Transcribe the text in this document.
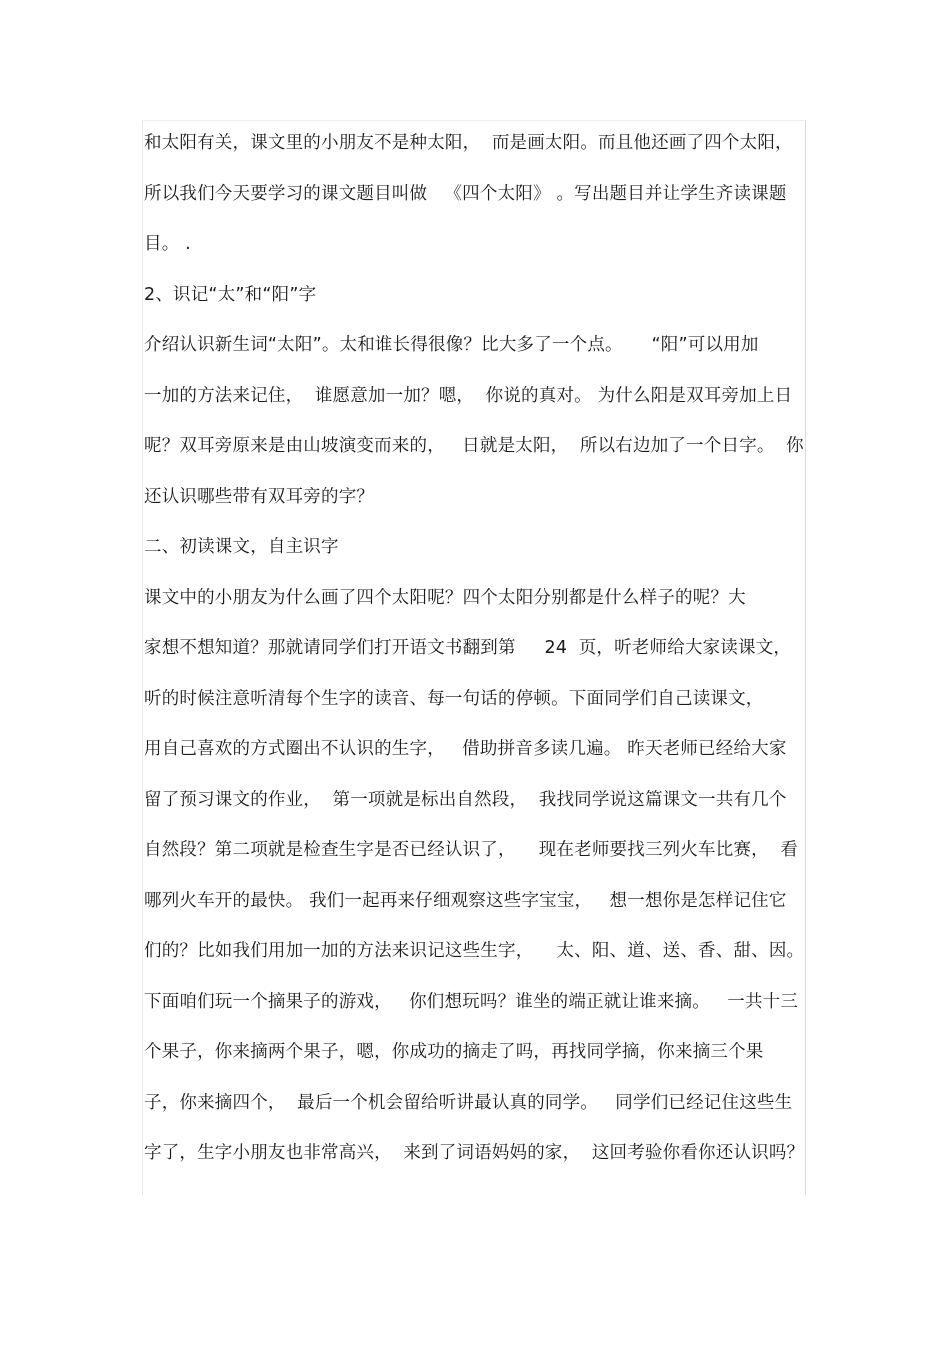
和太阳有关，课文里的小朋友不是种太阳，  而是画太阳。而且他还画了四个太阳，
所以我们今天要学习的课文题目叫做   《四个太阳》 。写出题目并让学生齐读课题
目。 .
2、识记“太”和“阳”字
介绍认识新生词“太阳”。太和谁长得很像？比大多了一个点。     “阳”可以用加
一加的方法来记住，  谁愿意加一加？嗯，  你说的真对。 为什么阳是双耳旁加上日
呢？双耳旁原来是由山坡演变而来的，   日就是太阳，  所以右边加了一个日字。  你
还认识哪些带有双耳旁的字？
二、初读课文，自主识字
课文中的小朋友为什么画了四个太阳呢？四个太阳分别都是什么样子的呢？大
家想不想知道？那就请同学们打开语文书翻到第     24  页，听老师给大家读课文，
听的时候注意听清每个生字的读音、每一句话的停顿。下面同学们自己读课文，
用自己喜欢的方式圈出不认识的生字，   借助拼音多读几遍。 昨天老师已经给大家
留了预习课文的作业，  第一项就是标出自然段，  我找同学说这篇课文一共有几个
自然段？第二项就是检查生字是否已经认识了，    现在老师要找三列火车比赛，  看
哪列火车开的最快。 我们一起再来仔细观察这些字宝宝，   想一想你是怎样记住它
们的？比如我们用加一加的方法来识记这些生字，    太、阳、道、送、香、甜、因。
下面咱们玩一个摘果子的游戏，   你们想玩吗？谁坐的端正就让谁来摘。   一共十三
个果子，你来摘两个果子，嗯，你成功的摘走了吗，再找同学摘，你来摘三个果
子，你来摘四个，  最后一个机会留给听讲最认真的同学。   同学们已经记住这些生
字了，生字小朋友也非常高兴，  来到了词语妈妈的家，  这回考验你看你还认识吗？
